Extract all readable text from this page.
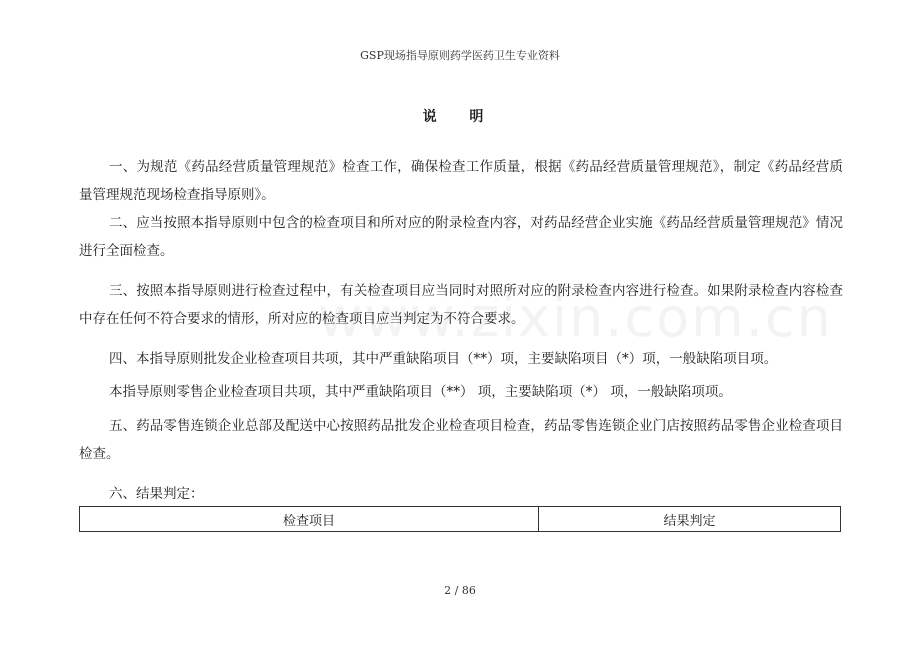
GSP现场指导原则药学医药卫生专业资料
说 明

一、为规范《药品经营质量管理规范》检查工作，确保检查工作质量，根据《药品经营质量管理规范》，制定《药品经营质量管理规范现场检查指导原则》。

二、应当按照本指导原则中包含的检查项目和所对应的附录检查内容，对药品经营企业实施《药品经营质量管理规范》情况进行全面检查。

三、按照本指导原则进行检查过程中，有关检查项目应当同时对照所对应的附录检查内容进行检查。如果附录检查内容检查中存在任何不符合要求的情形，所对应的检查项目应当判定为不符合要求。

四、本指导原则批发企业检查项目共项，其中严重缺陷项目（**）项，主要缺陷项目（*）项，一般缺陷项目项。

本指导原则零售企业检查项目共项，其中严重缺陷项目（**） 项，主要缺陷项（*） 项，一般缺陷项项。

五、药品零售连锁企业总部及配送中心按照药品批发企业检查项目检查，药品零售连锁企业门店按照药品零售企业检查项目检查。

六、结果判定：

检查项目	结果判定
2 / 86
